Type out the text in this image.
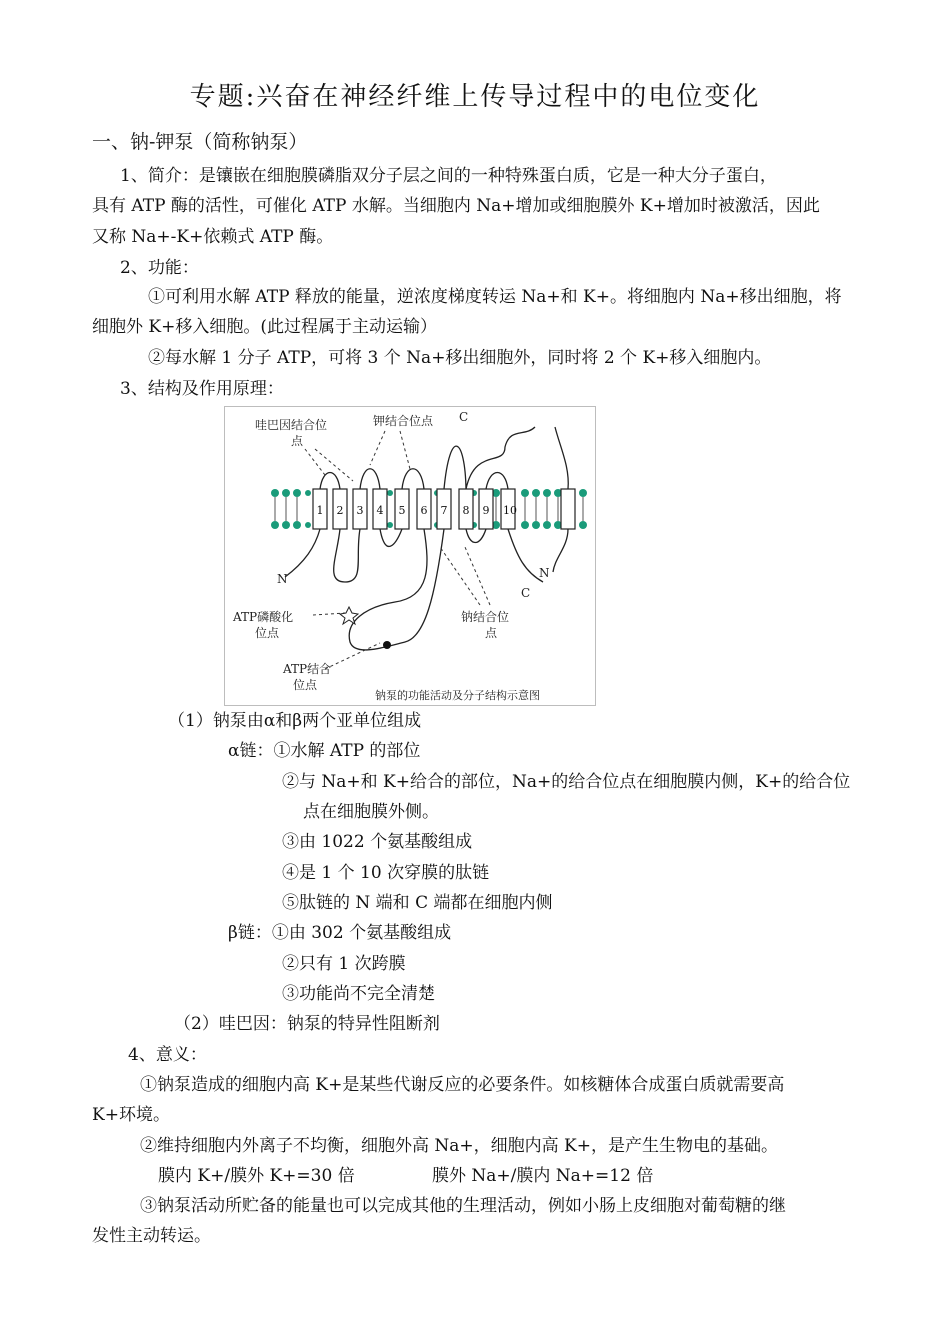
专题:兴奋在神经纤维上传导过程中的电位变化
一、钠-钾泵（简称钠泵）
1、简介：是镶嵌在细胞膜磷脂双分子层之间的一种特殊蛋白质，它是一种大分子蛋白，
具有 ATP 酶的活性，可催化 ATP 水解。当细胞内 Na+增加或细胞膜外 K+增加时被激活，因此
又称 Na+-K+依赖式 ATP 酶。
2、功能：
①可利用水解 ATP 释放的能量，逆浓度梯度转运 Na+和 K+。将细胞内 Na+移出细胞，将
细胞外 K+移入细胞。(此过程属于主动运输）
②每水解 1 分子 ATP，可将 3 个 Na+移出细胞外，同时将 2 个 K+移入细胞内。
3、结构及作用原理：
1 2 3 4 5 6 7 8 9 10
哇巴因结合位
点
钾结合位点 C
N	N
C
ATP磷酸化
位点
ATP结合
位点
钠结合位
点
钠泵的功能活动及分子结构示意图
（1）钠泵由α和β两个亚单位组成
α链：①水解 ATP 的部位
②与 Na+和 K+给合的部位，Na+的给合位点在细胞膜内侧，K+的给合位
点在细胞膜外侧。
③由 1022 个氨基酸组成
④是 1 个 10 次穿膜的肽链
⑤肽链的 N 端和 C 端都在细胞内侧
β链：①由 302 个氨基酸组成
②只有 1 次跨膜
③功能尚不完全清楚
（2）哇巴因：钠泵的特异性阻断剂
4、意义：
①钠泵造成的细胞内高 K+是某些代谢反应的必要条件。如核糖体合成蛋白质就需要高
K+环境。
②维持细胞内外离子不均衡，细胞外高 Na+，细胞内高 K+，是产生生物电的基础。
膜内 K+/膜外 K+=30 倍	膜外 Na+/膜内 Na+=12 倍
③钠泵活动所贮备的能量也可以完成其他的生理活动，例如小肠上皮细胞对葡萄糖的继
发性主动转运。
